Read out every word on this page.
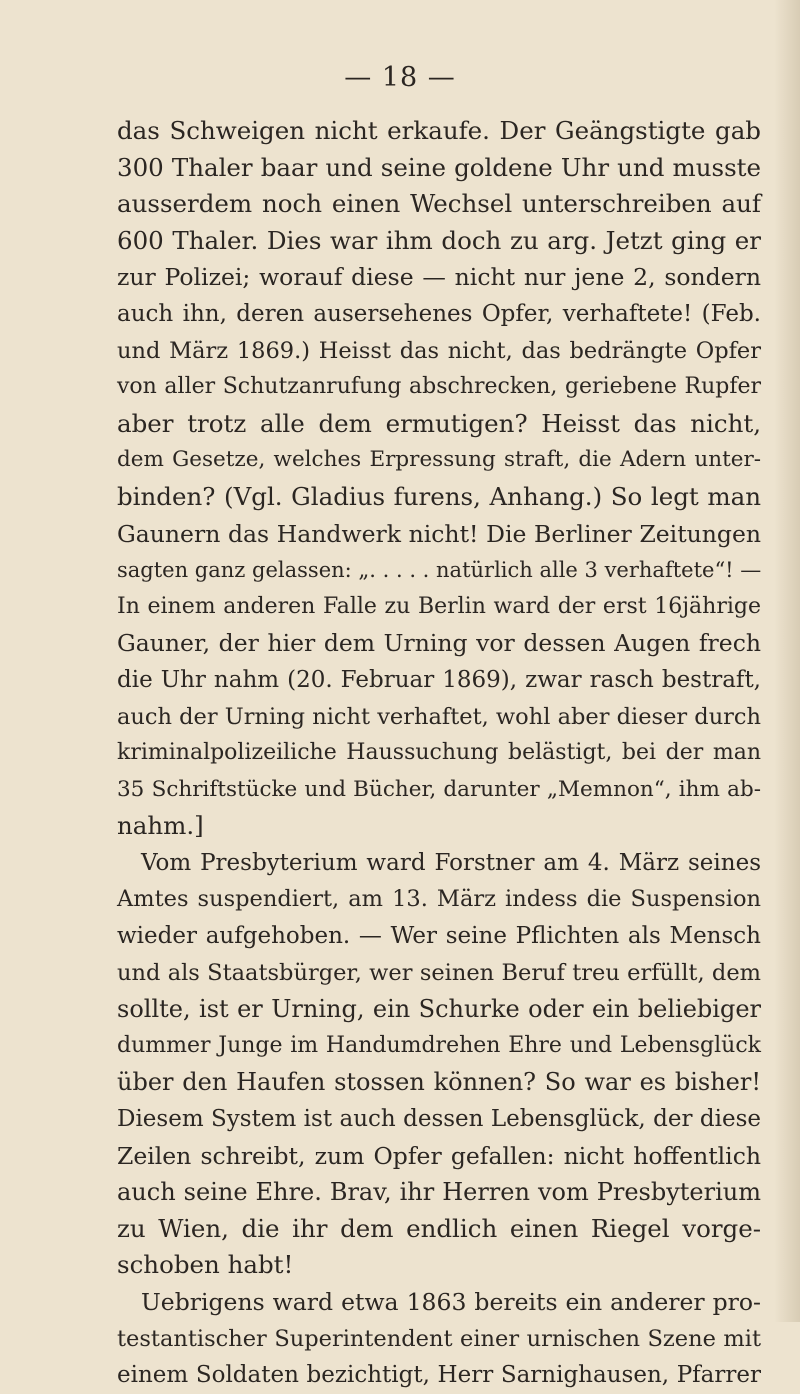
— 18 —
das Schweigen nicht erkaufe. Der Geängstigte gab
300 Thaler baar und seine goldene Uhr und musste
ausserdem noch einen Wechsel unterschreiben auf
600 Thaler. Dies war ihm doch zu arg. Jetzt ging er
zur Polizei; worauf diese — nicht nur jene 2, sondern
auch ihn, deren ausersehenes Opfer, verhaftete! (Feb.
und März 1869.) Heisst das nicht, das bedrängte Opfer
von aller Schutzanrufung abschrecken, geriebene Rupfer
aber trotz alle dem ermutigen? Heisst das nicht,
dem Gesetze, welches Erpressung straft, die Adern unter-
binden? (Vgl. Gladius furens, Anhang.) So legt man
Gaunern das Handwerk nicht! Die Berliner Zeitungen
sagten ganz gelassen: „. . . . . natürlich alle 3 verhaftete“! —
In einem anderen Falle zu Berlin ward der erst 16jährige
Gauner, der hier dem Urning vor dessen Augen frech
die Uhr nahm (20. Februar 1869), zwar rasch bestraft,
auch der Urning nicht verhaftet, wohl aber dieser durch
kriminalpolizeiliche Haussuchung belästigt, bei der man
35 Schriftstücke und Bücher, darunter „Memnon“, ihm ab-
nahm.]
Vom Presbyterium ward Forstner am 4. März seines
Amtes suspendiert, am 13. März indess die Suspension
wieder aufgehoben. — Wer seine Pflichten als Mensch
und als Staatsbürger, wer seinen Beruf treu erfüllt, dem
sollte, ist er Urning, ein Schurke oder ein beliebiger
dummer Junge im Handumdrehen Ehre und Lebensglück
über den Haufen stossen können? So war es bisher!
Diesem System ist auch dessen Lebensglück, der diese
Zeilen schreibt, zum Opfer gefallen: nicht hoffentlich
auch seine Ehre. Brav, ihr Herren vom Presbyterium
zu Wien, die ihr dem endlich einen Riegel vorge-
schoben habt!
Uebrigens ward etwa 1863 bereits ein anderer pro-
testantischer Superintendent einer urnischen Szene mit
einem Soldaten bezichtigt, Herr Sarnighausen, Pfarrer
